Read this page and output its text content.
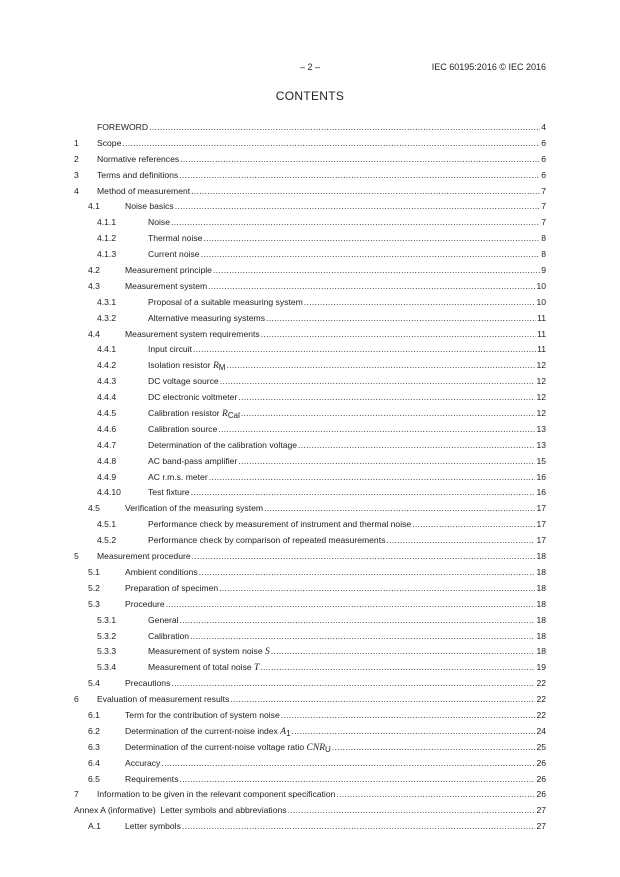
– 2 –	IEC 60195:2016 © IEC 2016
CONTENTS
FOREWORD .....	4
1	Scope .....	6
2	Normative references .....	6
3	Terms and definitions .....	6
4	Method of measurement .....	7
4.1	Noise basics .....	7
4.1.1	Noise .....	7
4.1.2	Thermal noise .....	8
4.1.3	Current noise .....	8
4.2	Measurement principle .....	9
4.3	Measurement system .....	10
4.3.1	Proposal of a suitable measuring system .....	10
4.3.2	Alternative measuring systems .....	11
4.4	Measurement system requirements .....	11
4.4.1	Input circuit .....	11
4.4.2	Isolation resistor $R_M$ .....	12
4.4.3	DC voltage source .....	12
4.4.4	DC electronic voltmeter .....	12
4.4.5	Calibration resistor $R_{Cal}$ .....	12
4.4.6	Calibration source .....	13
4.4.7	Determination of the calibration voltage .....	13
4.4.8	AC band-pass amplifier .....	15
4.4.9	AC r.m.s. meter .....	16
4.4.10	Test fixture .....	16
4.5	Verification of the measuring system .....	17
4.5.1	Performance check by measurement of instrument and thermal noise .....	17
4.5.2	Performance check by comparison of repeated measurements .....	17
5	Measurement procedure .....	18
5.1	Ambient conditions .....	18
5.2	Preparation of specimen .....	18
5.3	Procedure .....	18
5.3.1	General .....	18
5.3.2	Calibration .....	18
5.3.3	Measurement of system noise S .....	18
5.3.4	Measurement of total noise T .....	19
5.4	Precautions .....	22
6	Evaluation of measurement results .....	22
6.1	Term for the contribution of system noise .....	22
6.2	Determination of the current-noise index $A_1$ .....	24
6.3	Determination of the current-noise voltage ratio $CNR_U$ .....	25
6.4	Accuracy .....	26
6.5	Requirements .....	26
7	Information to be given in the relevant component specification .....	26
Annex A (informative)  Letter symbols and abbreviations .....	27
A.1	Letter symbols .....	27
